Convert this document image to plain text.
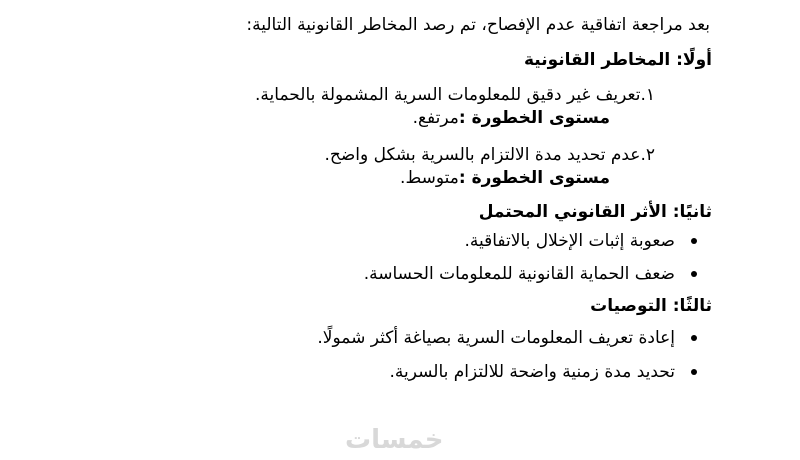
بعد مراجعة اتفاقية عدم الإفصاح، تم رصد المخاطر القانونية التالية:
أولًا: المخاطر القانونية
١.تعريف غير دقيق للمعلومات السرية المشمولة بالحماية.
مستوى الخطورة :مرتفع.
٢.عدم تحديد مدة الالتزام بالسرية بشكل واضح.
مستوى الخطورة :متوسط.
ثانيًا: الأثر القانوني المحتمل
صعوبة إثبات الإخلال بالاتفاقية.
ضعف الحماية القانونية للمعلومات الحساسة.
ثالثًا: التوصيات
إعادة تعريف المعلومات السرية بصياغة أكثر شمولًا.
تحديد مدة زمنية واضحة للالتزام بالسرية.
خمسات
